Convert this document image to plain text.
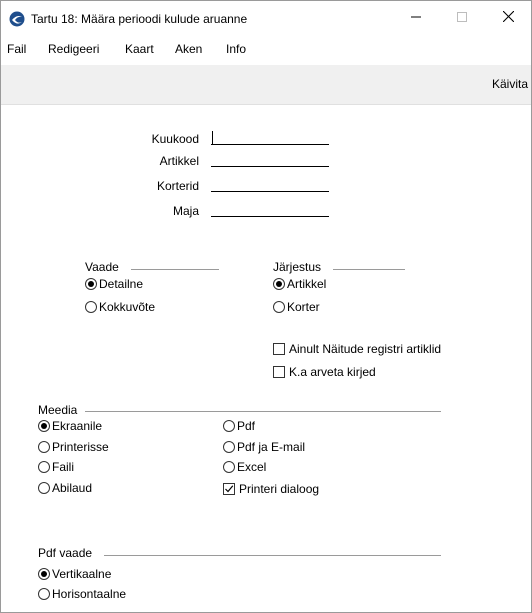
Tartu 18: Määra perioodi kulude aruanne
Fail Redigeeri Kaart Aken Info
Käivita
Kuukood
Artikkel
Korterid
Maja
Vaade
Detailne
Kokkuvõte
Järjestus
Artikkel
Korter
Ainult Näitude registri artiklid
K.a arveta kirjed
Meedia
Ekraanile
Printerisse
Faili
Abilaud
Pdf
Pdf ja E-mail
Excel
Printeri dialoog
Pdf vaade
Vertikaalne
Horisontaalne
